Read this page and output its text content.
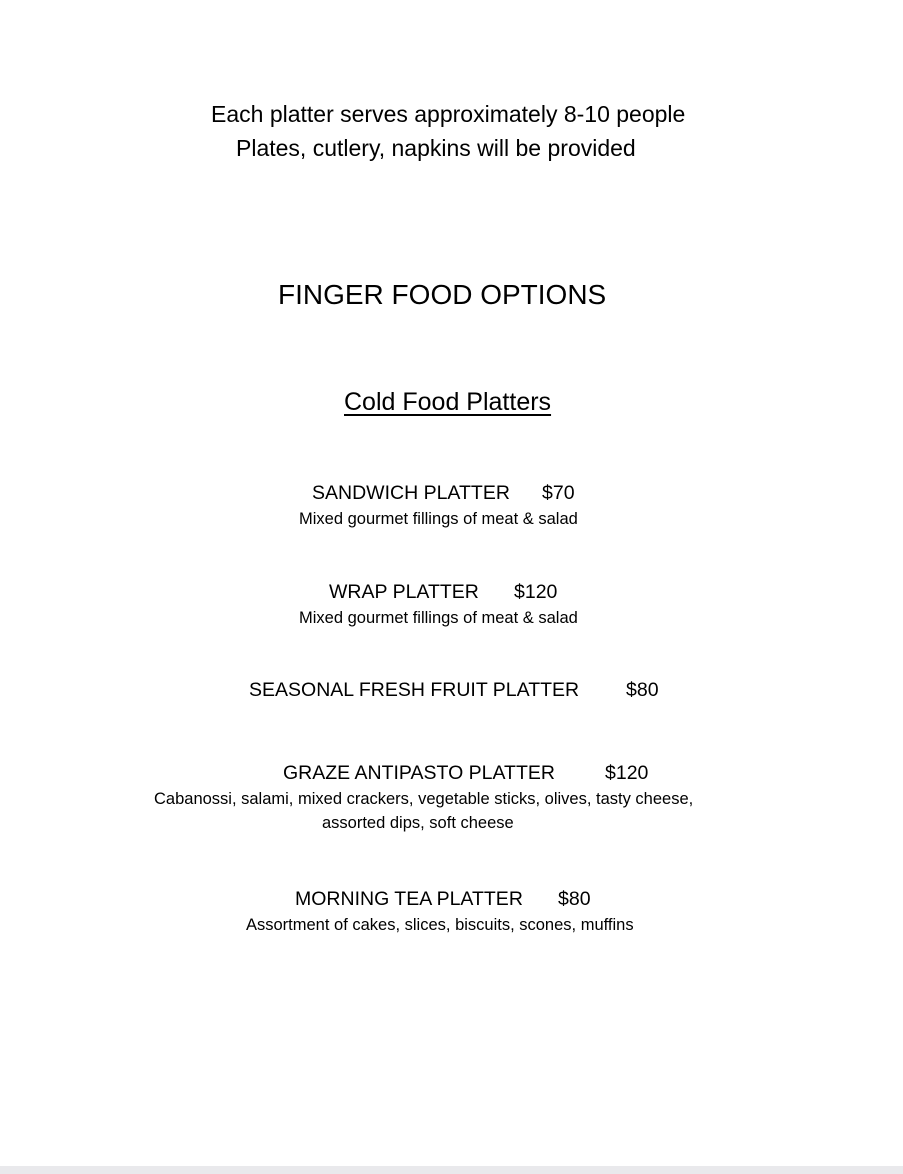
Each platter serves approximately 8-10 people
Plates, cutlery, napkins will be provided
FINGER FOOD OPTIONS
Cold Food Platters
SANDWICH PLATTER $70
Mixed gourmet fillings of meat & salad
WRAP PLATTER $120
Mixed gourmet fillings of meat & salad
SEASONAL FRESH FRUIT PLATTER $80
GRAZE ANTIPASTO PLATTER	$120
Cabanossi, salami, mixed crackers, vegetable sticks, olives, tasty cheese,
assorted dips, soft cheese
MORNING TEA PLATTER $80
Assortment of cakes, slices, biscuits, scones, muffins
